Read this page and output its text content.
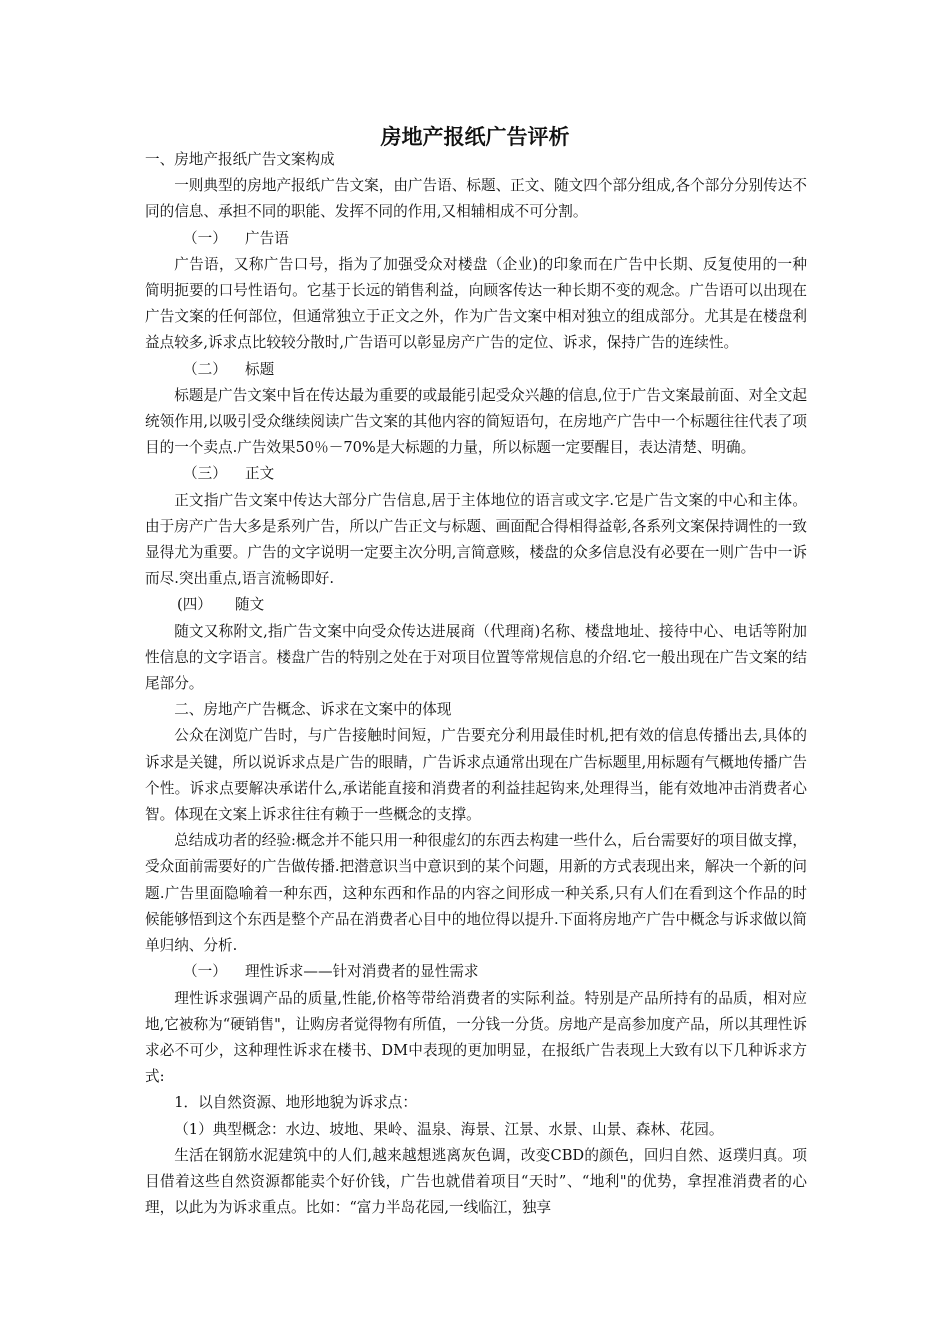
房地产报纸广告评析

一、房地产报纸广告文案构成

一则典型的房地产报纸广告文案，由广告语、标题、正文、随文四个部分组成,各个部分分别传达不同的信息、承担不同的职能、发挥不同的作用,又相辅相成不可分割。

（一） 广告语

广告语，又称广告口号，指为了加强受众对楼盘（企业)的印象而在广告中长期、反复使用的一种简明扼要的口号性语句。它基于长远的销售利益，向顾客传达一种长期不变的观念。广告语可以出现在广告文案的任何部位，但通常独立于正文之外，作为广告文案中相对独立的组成部分。尤其是在楼盘利益点较多,诉求点比较较分散时,广告语可以彰显房产广告的定位、诉求，保持广告的连续性。

（二） 标题

标题是广告文案中旨在传达最为重要的或最能引起受众兴趣的信息,位于广告文案最前面、对全文起统领作用,以吸引受众继续阅读广告文案的其他内容的简短语句，在房地产广告中一个标题往往代表了项目的一个卖点.广告效果50％－70%是大标题的力量，所以标题一定要醒目，表达清楚、明确。

（三） 正文

正文指广告文案中传达大部分广告信息,居于主体地位的语言或文字.它是广告文案的中心和主体。由于房产广告大多是系列广告，所以广告正文与标题、画面配合得相得益彰,各系列文案保持调性的一致显得尤为重要。广告的文字说明一定要主次分明,言简意赅，楼盘的众多信息没有必要在一则广告中一诉而尽.突出重点,语言流畅即好.

(四） 随文

随文又称附文,指广告文案中向受众传达进展商（代理商)名称、楼盘地址、接待中心、电话等附加性信息的文字语言。楼盘广告的特别之处在于对项目位置等常规信息的介绍.它一般出现在广告文案的结尾部分。

二、房地产广告概念、诉求在文案中的体现

公众在浏览广告时，与广告接触时间短，广告要充分利用最佳时机,把有效的信息传播出去,具体的诉求是关键，所以说诉求点是广告的眼睛，广告诉求点通常出现在广告标题里,用标题有气概地传播广告个性。诉求点要解决承诺什么,承诺能直接和消费者的利益挂起钩来,处理得当，能有效地冲击消费者心智。体现在文案上诉求往往有赖于一些概念的支撑。

总结成功者的经验:概念并不能只用一种很虚幻的东西去构建一些什么，后台需要好的项目做支撑，受众面前需要好的广告做传播.把潜意识当中意识到的某个问题，用新的方式表现出来，解决一个新的问题.广告里面隐喻着一种东西，这种东西和作品的内容之间形成一种关系,只有人们在看到这个作品的时候能够悟到这个东西是整个产品在消费者心目中的地位得以提升.下面将房地产广告中概念与诉求做以简单归纳、分析.

（一） 理性诉求——针对消费者的显性需求

理性诉求强调产品的质量,性能,价格等带给消费者的实际利益。特别是产品所持有的品质，相对应地,它被称为“硬销售"，让购房者觉得物有所值，一分钱一分货。房地产是高参加度产品，所以其理性诉求必不可少，这种理性诉求在楼书、DM中表现的更加明显，在报纸广告表现上大致有以下几种诉求方式:

1．以自然资源、地形地貌为诉求点：

（1）典型概念：水边、坡地、果岭、温泉、海景、江景、水景、山景、森林、花园。

生活在钢筋水泥建筑中的人们,越来越想逃离灰色调，改变CBD的颜色，回归自然、返璞归真。项目借着这些自然资源都能卖个好价钱，广告也就借着项目“天时”、“地利"的优势，拿捏准消费者的心理，以此为为诉求重点。比如：“富力半岛花园,一线临江，独享
